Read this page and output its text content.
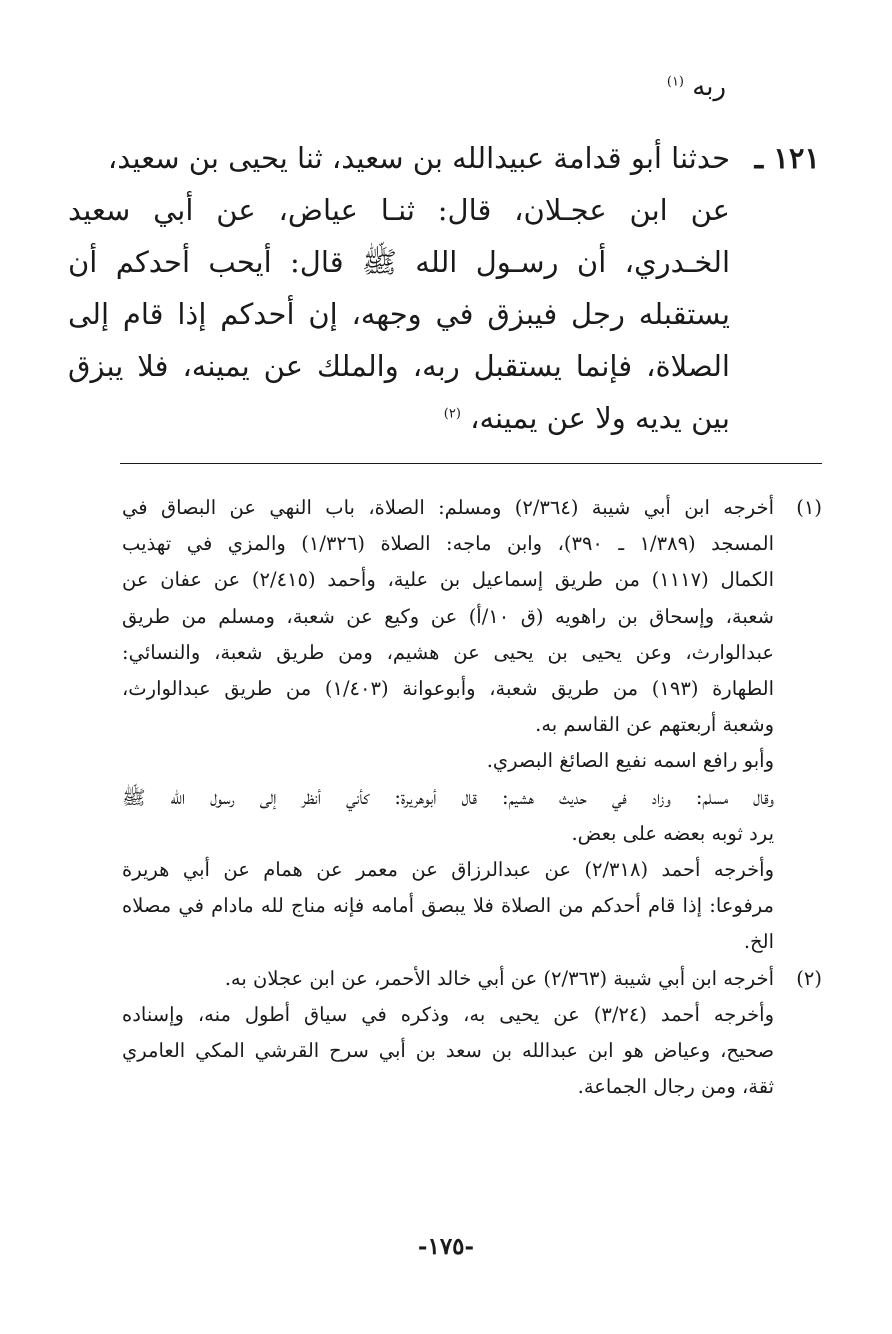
ربه $^{(١)}$
١٢١ ـ
حدثنا أبو قدامة عبيدالله بن سعيد، ثنا يحيى بن سعيد،
عن ابن عجـلان، قال: ثنـا عياض، عن أبي سعيد
الخـدري، أن رسـول الله ﷺ قال: أيحب أحدكم أن
يستقبله رجل فيبزق في وجهه، إن أحدكم إذا قام إلى
الصلاة، فإنما يستقبل ربه، والملك عن يمينه، فلا يبزق
بين يديه ولا عن يمينه، $^{(٢)}$
(١)
أخرجه ابن أبي شيبة (٢/٣٦٤) ومسلم: الصلاة، باب النهي عن البصاق في
المسجد (١/٣٨٩ ـ ٣٩٠)، وابن ماجه: الصلاة (١/٣٢٦) والمزي في تهذيب
الكمال (١١١٧) من طريق إسماعيل بن علية، وأحمد (٢/٤١٥) عن عفان عن
شعبة، وإسحاق بن راهويه (ق ١٠/أ) عن وكيع عن شعبة، ومسلم من طريق
عبدالوارث، وعن يحيى بن يحيى عن هشيم، ومن طريق شعبة، والنسائي:
الطهارة (١٩٣) من طريق شعبة، وأبوعوانة (١/٤٠٣) من طريق عبدالوارث،
وشعبة أربعتهم عن القاسم به.
وأبو رافع اسمه نفيع الصائغ البصري.
وقال مسلم: وزاد في حديث هشيم: قال أبوهريرة: كأني أنظر إلى رسول الله ﷺ
يرد ثوبه بعضه على بعض.
وأخرجه أحمد (٢/٣١٨) عن عبدالرزاق عن معمر عن همام عن أبي هريرة
مرفوعا: إذا قام أحدكم من الصلاة فلا يبصق أمامه فإنه مناج لله مادام في مصلاه
الخ.
(٢)
أخرجه ابن أبي شيبة (٢/٣٦٣) عن أبي خالد الأحمر، عن ابن عجلان به.
وأخرجه أحمد (٣/٢٤) عن يحيى به، وذكره في سياق أطول منه، وإسناده
صحيح، وعياض هو ابن عبدالله بن سعد بن أبي سرح القرشي المكي العامري
ثقة، ومن رجال الجماعة.
-١٧٥-
